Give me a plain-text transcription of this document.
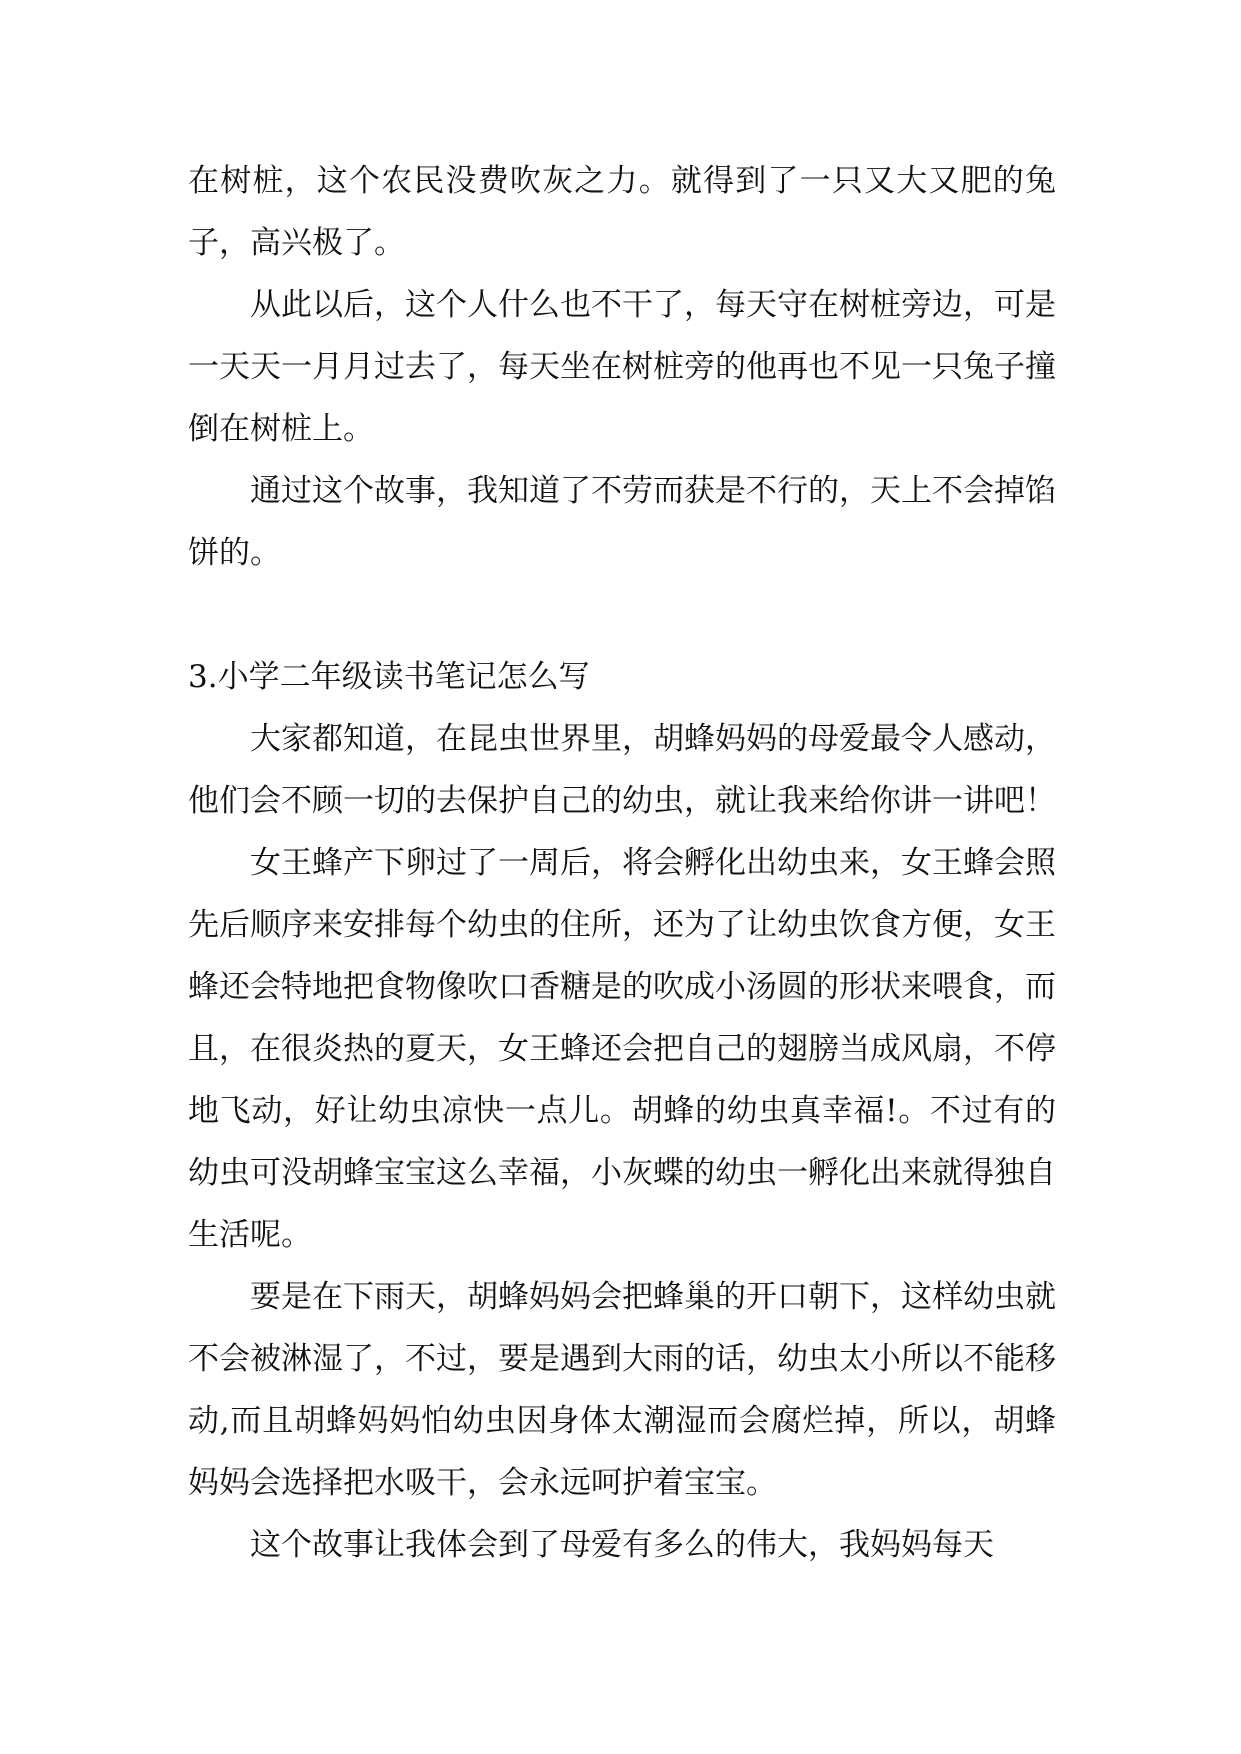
在树桩，这个农民没费吹灰之力。就得到了一只又大又肥的兔子，高兴极了。

从此以后，这个人什么也不干了，每天守在树桩旁边，可是一天天一月月过去了，每天坐在树桩旁的他再也不见一只兔子撞倒在树桩上。

通过这个故事，我知道了不劳而获是不行的，天上不会掉馅饼的。

3.小学二年级读书笔记怎么写

大家都知道，在昆虫世界里，胡蜂妈妈的母爱最令人感动，他们会不顾一切的去保护自己的幼虫，就让我来给你讲一讲吧！

女王蜂产下卵过了一周后，将会孵化出幼虫来，女王蜂会照先后顺序来安排每个幼虫的住所，还为了让幼虫饮食方便，女王蜂还会特地把食物像吹口香糖是的吹成小汤圆的形状来喂食，而且，在很炎热的夏天，女王蜂还会把自己的翅膀当成风扇，不停地飞动，好让幼虫凉快一点儿。胡蜂的幼虫真幸福!。不过有的幼虫可没胡蜂宝宝这么幸福，小灰蝶的幼虫一孵化出来就得独自生活呢。

要是在下雨天，胡蜂妈妈会把蜂巢的开口朝下，这样幼虫就不会被淋湿了，不过，要是遇到大雨的话，幼虫太小所以不能移动,而且胡蜂妈妈怕幼虫因身体太潮湿而会腐烂掉，所以，胡蜂妈妈会选择把水吸干，会永远呵护着宝宝。

这个故事让我体会到了母爱有多么的伟大，我妈妈每天
